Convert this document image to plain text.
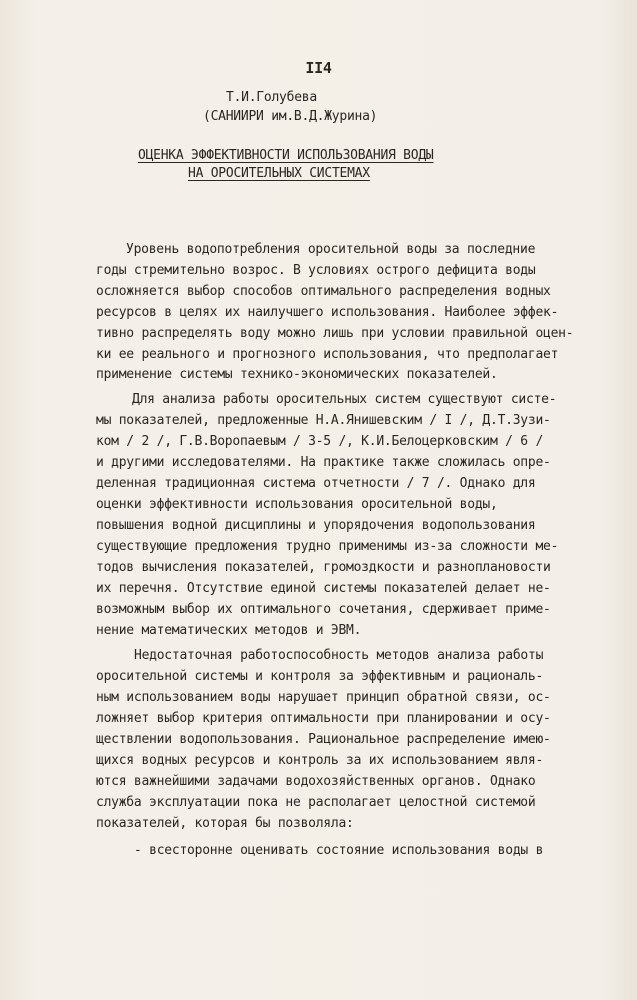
II4
Т.И.Голубева
(САНИИРИ им.В.Д.Журина)
ОЦЕНКА ЭФФЕКТИВНОСТИ ИСПОЛЬЗОВАНИЯ ВОДЫ
НА ОРОСИТЕЛЬНЫХ СИСТЕМАХ
Уровень водопотребления оросительной воды за последние
годы стремительно возрос. В условиях острого дефицита воды
осложняется выбор способов оптимального распределения водных
ресурсов в целях их наилучшего использования. Наиболее эффек-
тивно распределять воду можно лишь при условии правильной оцен-
ки ее реального и прогнозного использования, что предполагает
применение системы технико-экономических показателей.
Для анализа работы оросительных систем существуют систе-
мы показателей, предложенные Н.А.Янишевским / I /, Д.Т.Зузи-
ком / 2 /, Г.В.Воропаевым / 3-5 /, К.И.Белоцерковским / 6 /
и другими исследователями. На практике также сложилась опре-
деленная традиционная система отчетности / 7 /. Однако для
оценки эффективности использования оросительной воды,
повышения водной дисциплины и упорядочения водопользования
существующие предложения трудно применимы из-за сложности ме-
тодов вычисления показателей, громоздкости и разноплановости
их перечня. Отсутствие единой системы показателей делает не-
возможным выбор их оптимального сочетания, сдерживает приме-
нение математических методов и ЭВМ.
Недостаточная работоспособность методов анализа работы
оросительной системы и контроля за эффективным и рациональ-
ным использованием воды нарушает принцип обратной связи, ос-
ложняет выбор критерия оптимальности при планировании и осу-
ществлении водопользования. Рациональное распределение имею-
щихся водных ресурсов и контроль за их использованием явля-
ются важнейшими задачами водохозяйственных органов. Однако
служба эксплуатации пока не располагает целостной системой
показателей, которая бы позволяла:
- всесторонне оценивать состояние использования воды в
